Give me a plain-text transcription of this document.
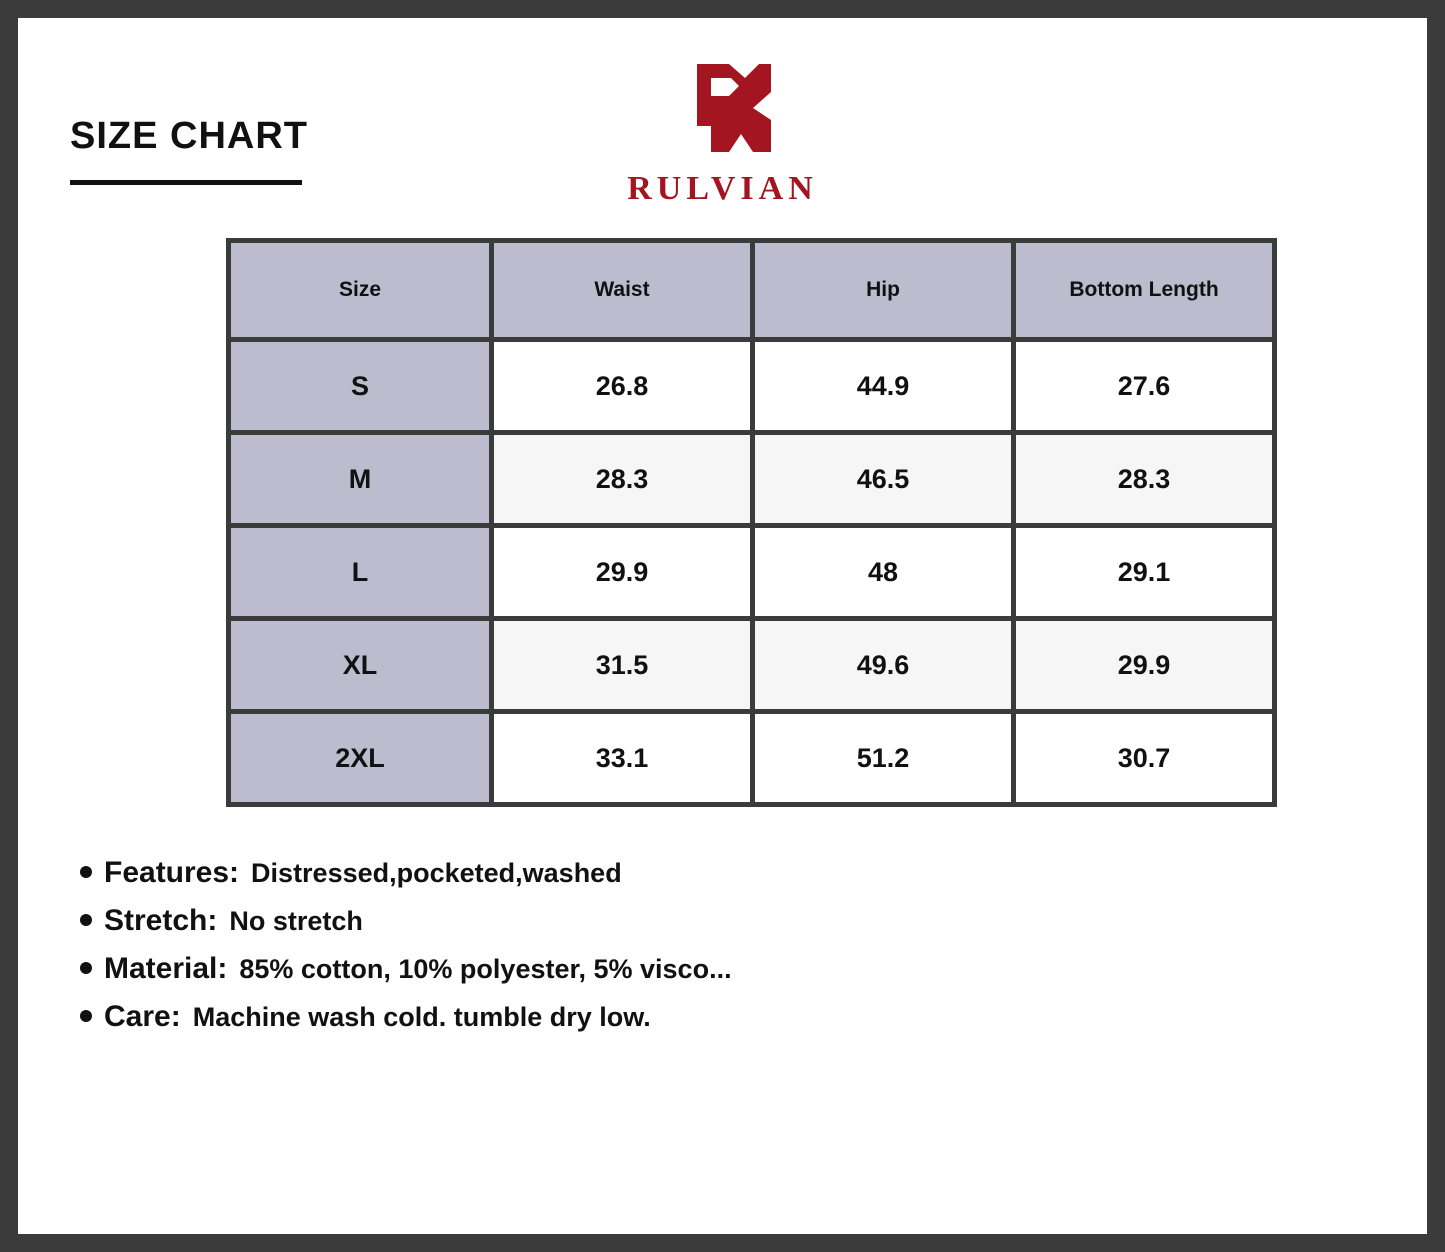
SIZE CHART
RULVIAN
Size	Waist	Hip	Bottom Length
S	26.8	44.9	27.6
M	28.3	46.5	28.3
L	29.9	48	29.1
XL	31.5	49.6	29.9
2XL	33.1	51.2	30.7
Features: Distressed,pocketed,washed
Stretch: No stretch
Material: 85% cotton, 10% polyester, 5% visco...
Care: Machine wash cold. tumble dry low.
